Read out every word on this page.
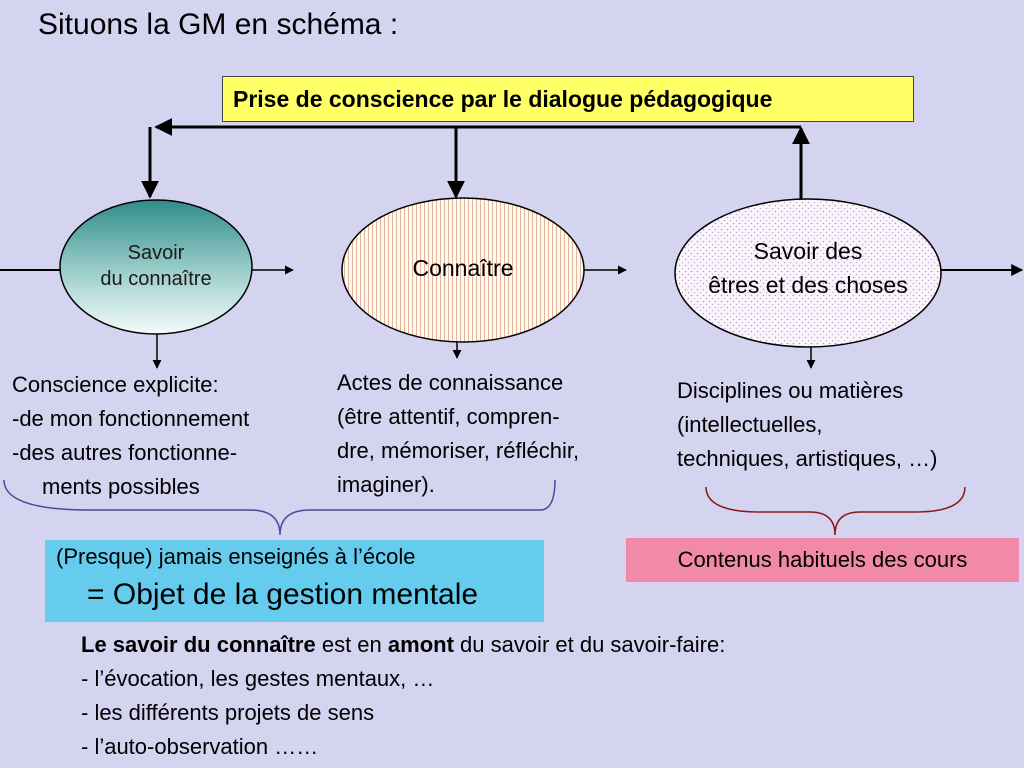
Situons la GM en schéma :
Prise de conscience par le dialogue pédagogique
Savoir
du connaître	Connaître
Savoir des
êtres et des choses
Conscience explicite:
-de mon fonctionnement
-des autres fonctionne-
ments possibles
Actes de connaissance
(être attentif, compren-
dre, mémoriser, réfléchir,
imaginer).
Disciplines ou matières
(intellectuelles,
techniques, artistiques, …)
(Presque) jamais enseignés à l’école
= Objet de la gestion mentale
Contenus habituels des cours
Le savoir du connaître est en amont du savoir et du savoir-faire:
- l’évocation, les gestes mentaux, …
- les différents projets de sens
- l’auto-observation ……
